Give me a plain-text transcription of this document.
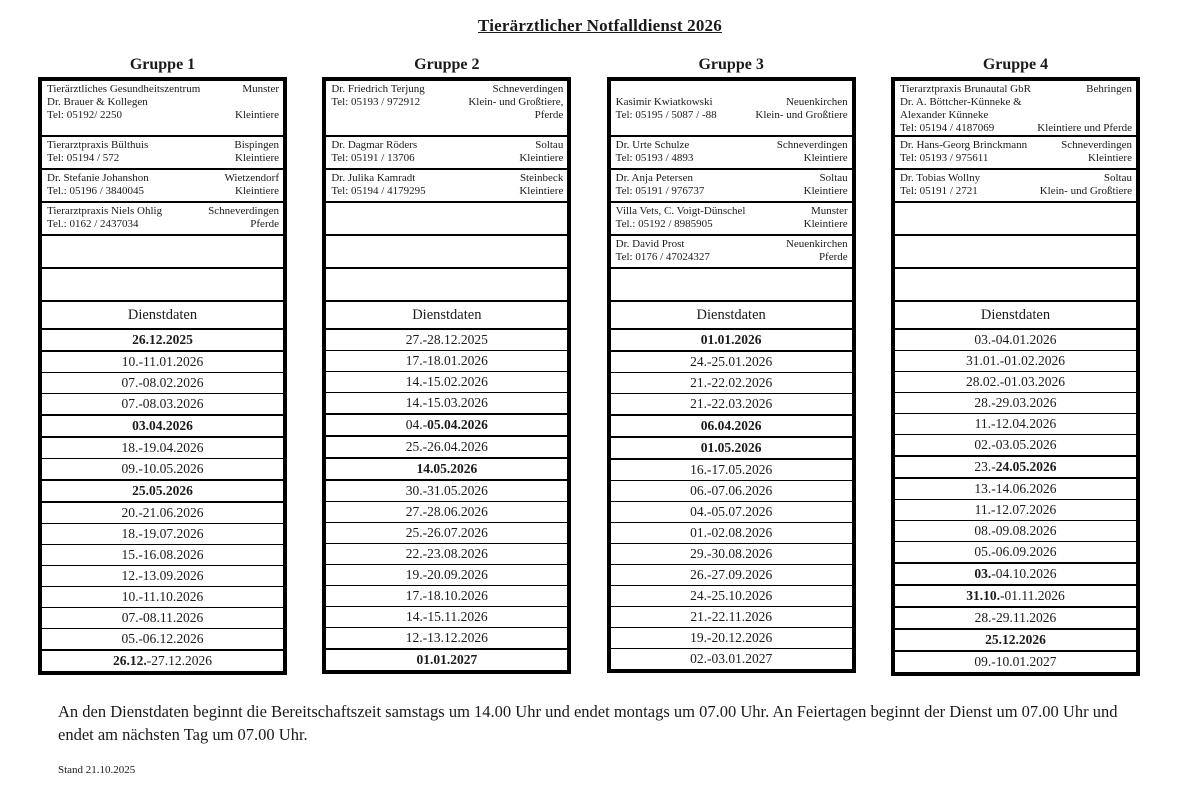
Tierärztlicher Notfalldienst 2026
Gruppe 1
Tierärztliches Gesundheitszentrum	Munster
Dr. Brauer & Kollegen
Tel: 05192/ 2250	Kleintiere
Tierarztpraxis Bülthuis	Bispingen
Tel: 05194 / 572	Kleintiere
Dr. Stefanie Johanshon	Wietzendorf
Tel.: 05196 / 3840045	Kleintiere
Tierarztpraxis Niels Ohlig	Schneverdingen
Tel.: 0162 / 2437034	Pferde
Dienstdaten
26.12.2025
10.-11.01.2026
07.-08.02.2026
07.-08.03.2026
03.04.2026
18.-19.04.2026
09.-10.05.2026
25.05.2026
20.-21.06.2026
18.-19.07.2026
15.-16.08.2026
12.-13.09.2026
10.-11.10.2026
07.-08.11.2026
05.-06.12.2026
26.12.-27.12.2026
Gruppe 2
Dr. Friedrich Terjung	Schneverdingen
Tel: 05193 / 972912	Klein- und Großtiere,
Pferde
Dr. Dagmar Röders	Soltau
Tel: 05191 / 13706	Kleintiere
Dr. Julika Kamradt	Steinbeck
Tel: 05194 / 4179295	Kleintiere
Dienstdaten
27.-28.12.2025
17.-18.01.2026
14.-15.02.2026
14.-15.03.2026
04.-05.04.2026
25.-26.04.2026
14.05.2026
30.-31.05.2026
27.-28.06.2026
25.-26.07.2026
22.-23.08.2026
19.-20.09.2026
17.-18.10.2026
14.-15.11.2026
12.-13.12.2026
01.01.2027
Gruppe 3
Kasimir Kwiatkowski	Neuenkirchen
Tel: 05195 / 5087 / -88	Klein- und Großtiere
Dr. Urte Schulze	Schneverdingen
Tel: 05193 / 4893	Kleintiere
Dr. Anja Petersen	Soltau
Tel: 05191 / 976737	Kleintiere
Villa Vets, C. Voigt-Dünschel	Munster
Tel.: 05192 / 8985905	Kleintiere
Dr. David Prost	Neuenkirchen
Tel: 0176 / 47024327	Pferde
Dienstdaten
01.01.2026
24.-25.01.2026
21.-22.02.2026
21.-22.03.2026
06.04.2026
01.05.2026
16.-17.05.2026
06.-07.06.2026
04.-05.07.2026
01.-02.08.2026
29.-30.08.2026
26.-27.09.2026
24.-25.10.2026
21.-22.11.2026
19.-20.12.2026
02.-03.01.2027
Gruppe 4
Tierarztpraxis Brunautal GbR	Behringen
Dr. A. Böttcher-Künneke &
Alexander Künneke
Tel: 05194 / 4187069	Kleintiere und Pferde
Dr. Hans-Georg Brinckmann	Schneverdingen
Tel: 05193 / 975611	Kleintiere
Dr. Tobias Wollny	Soltau
Tel: 05191 / 2721	Klein- und Großtiere
Dienstdaten
03.-04.01.2026
31.01.-01.02.2026
28.02.-01.03.2026
28.-29.03.2026
11.-12.04.2026
02.-03.05.2026
23.-24.05.2026
13.-14.06.2026
11.-12.07.2026
08.-09.08.2026
05.-06.09.2026
03.-04.10.2026
31.10.-01.11.2026
28.-29.11.2026
25.12.2026
09.-10.01.2027
An den Dienstdaten beginnt die Bereitschaftszeit samstags um 14.00 Uhr und endet montags um 07.00 Uhr. An Feiertagen beginnt der Dienst um 07.00 Uhr und endet am nächsten Tag um 07.00 Uhr.
Stand 21.10.2025
